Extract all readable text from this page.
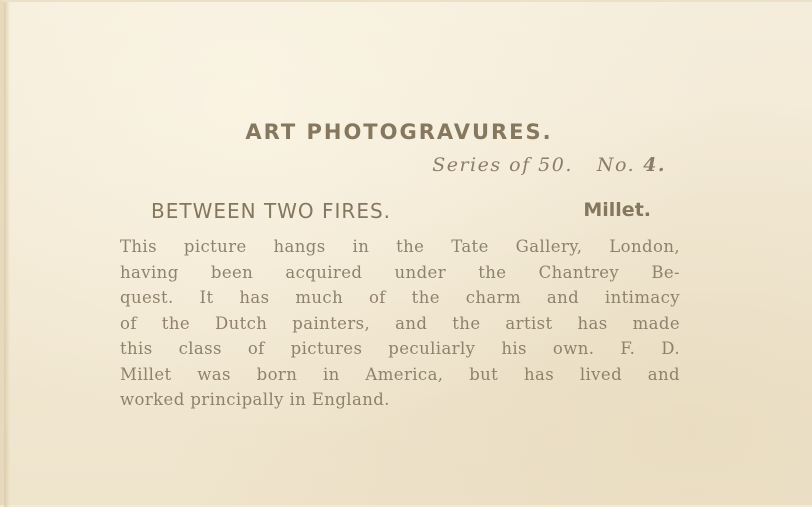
ART PHOTOGRAVURES.
Series of 50. No. 4.
BETWEEN TWO FIRES.	Millet.
This picture hangs in the Tate Gallery, London,
having been acquired under the Chantrey Be-
quest. It has much of the charm and intimacy
of the Dutch painters, and the artist has made
this class of pictures peculiarly his own. F. D.
Millet was born in America, but has lived and
worked principally in England.
